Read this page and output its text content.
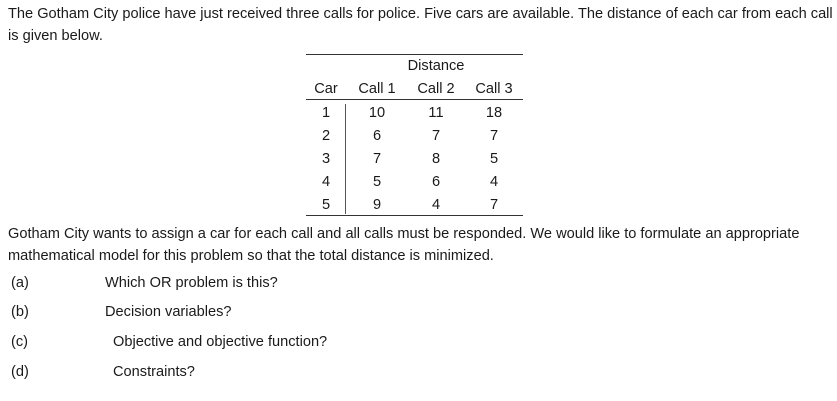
The Gotham City police have just received three calls for police. Five cars are available. The distance of each car from each call is given below.

Distance
Car	Call 1	Call 2	Call 3
1	10	11	18
2	6	7	7
3	7	8	5
4	5	6	4
5	9	4	7

Gotham City wants to assign a car for each call and all calls must be responded. We would like to formulate an appropriate mathematical model for this problem so that the total distance is minimized.

(a)	Which OR problem is this?
(b)	Decision variables?
(c)	Objective and objective function?
(d)	Constraints?
